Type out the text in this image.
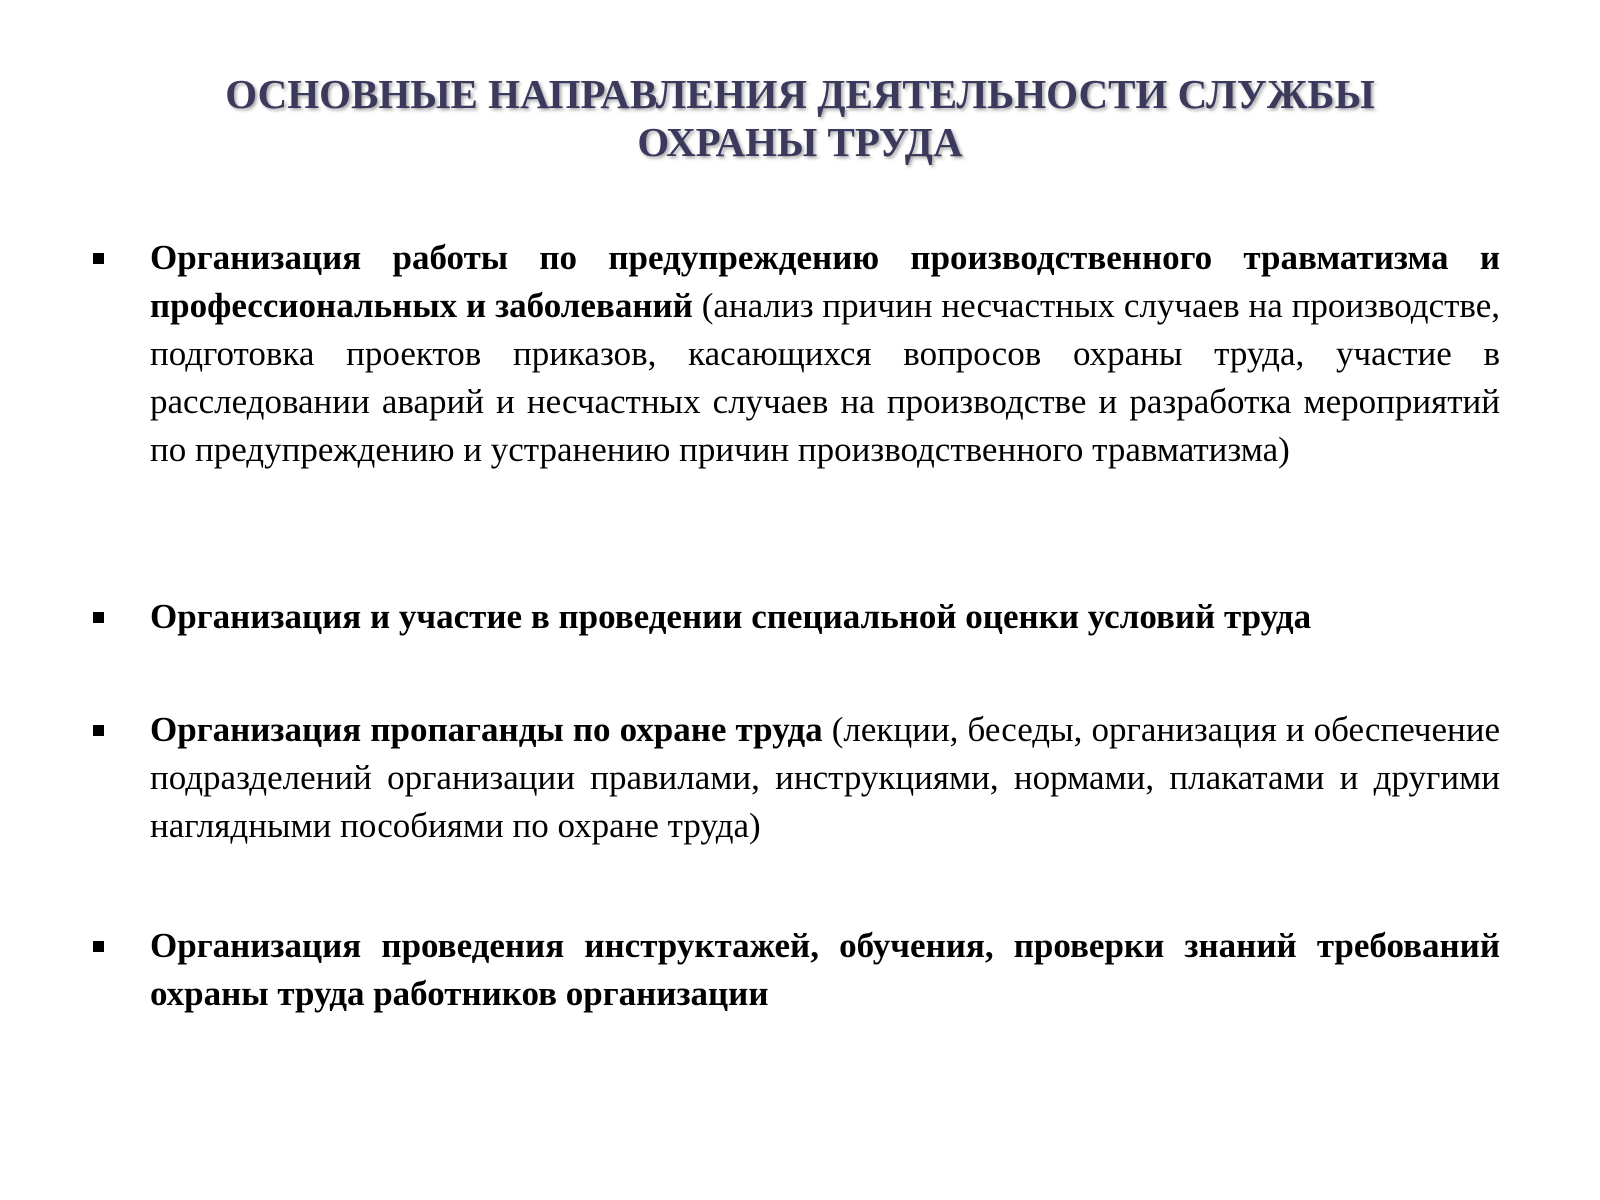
ОСНОВНЫЕ НАПРАВЛЕНИЯ ДЕЯТЕЛЬНОСТИ СЛУЖБЫ
ОХРАНЫ ТРУДА
Организация работы по предупреждению производственного травматизма и профессиональных и заболеваний (анализ причин несчастных случаев на производстве, подготовка проектов приказов, касающихся вопросов охраны труда, участие в расследовании аварий и несчастных случаев на производстве и разработка мероприятий по предупреждению и устранению причин производственного травматизма)
Организация и участие в проведении специальной оценки условий труда
Организация пропаганды по охране труда (лекции, беседы, организация и обеспечение подразделений организации правилами, инструкциями, нормами, плакатами и другими наглядными пособиями по охране труда)
Организация проведения инструктажей, обучения, проверки знаний требований охраны труда работников организации
